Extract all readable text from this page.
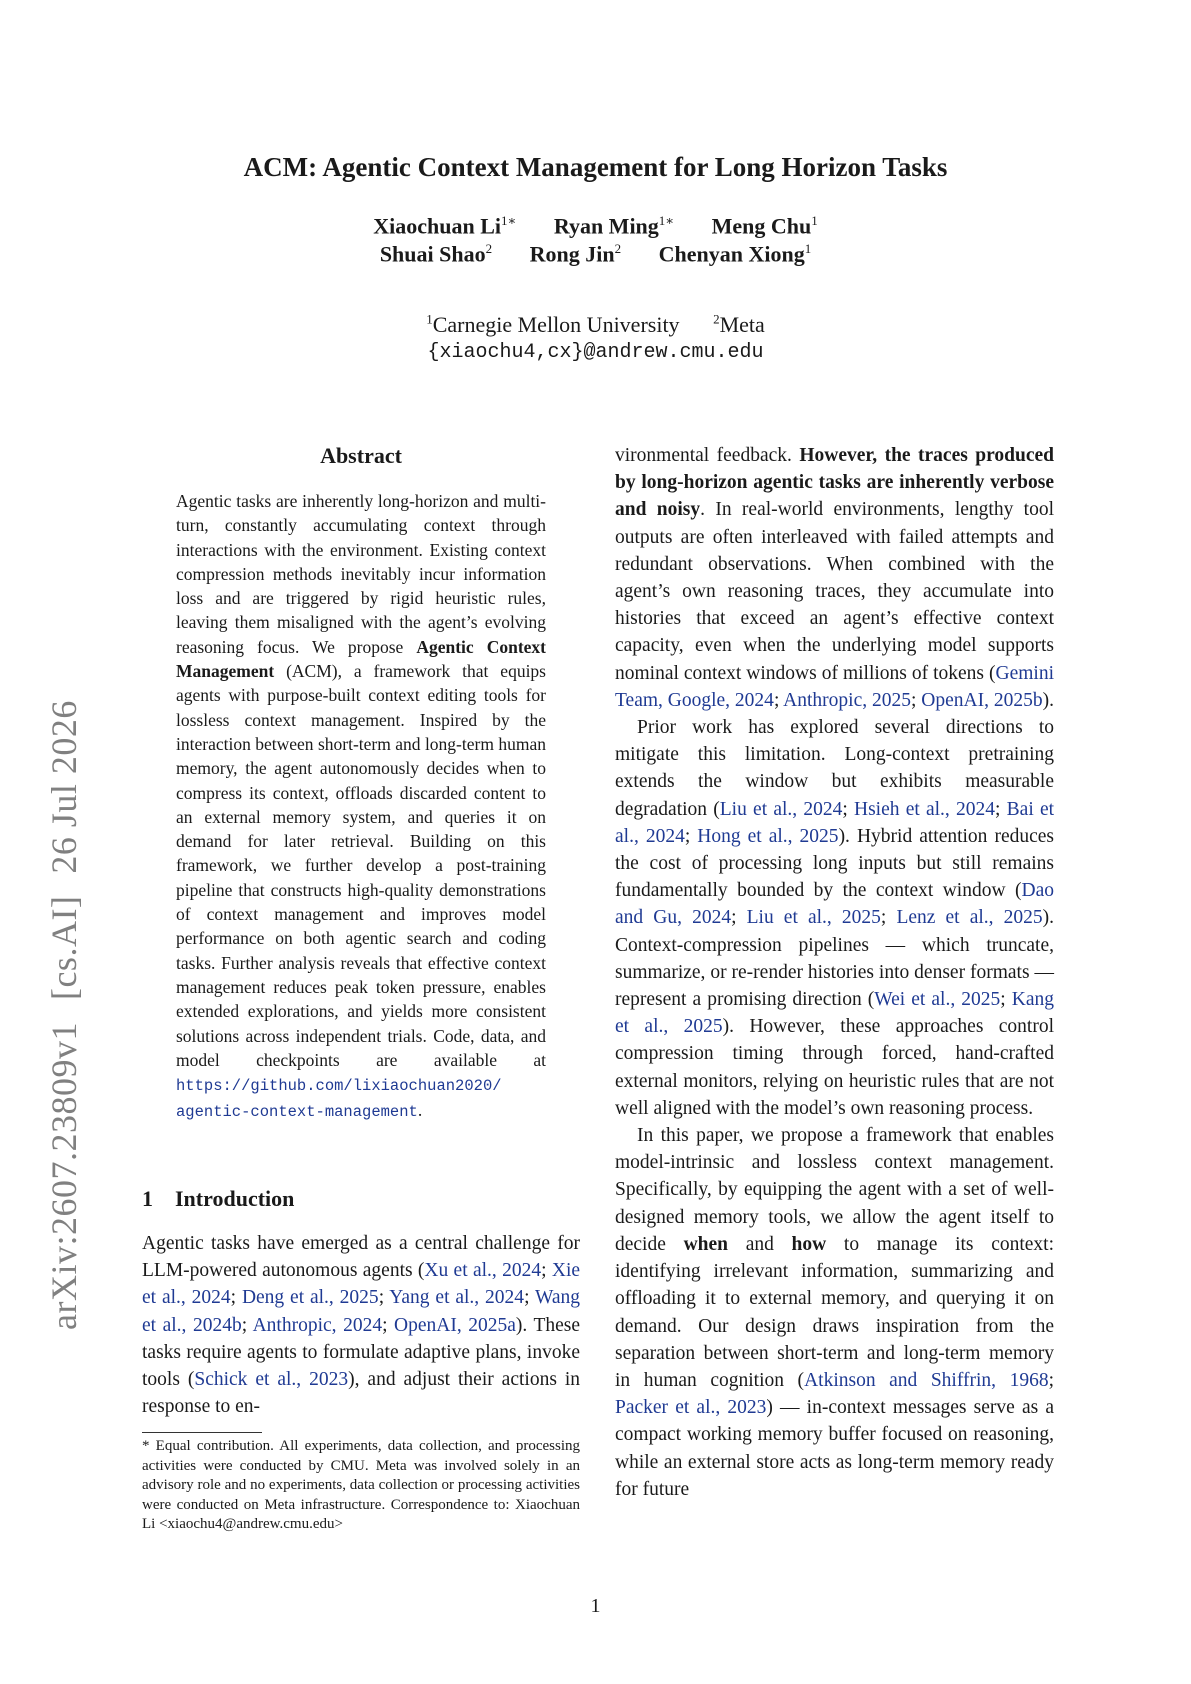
arXiv:2607.23809v1[cs.AI]26 Jul 2026
ACM: Agentic Context Management for Long Horizon Tasks
Xiaochuan $Li^{1∗}$ Ryan Ming$^{1∗}$ Meng Chu$^1$
Shuai Shao$^2$ Rong Jin$^2$ Chenyan Xiong$^1$
$^1$Carnegie Mellon University	$^2$Meta
{xiaochu4,cx}@andrew.cmu.edu
Abstract
Agentic tasks are inherently long-horizon and multi-turn, constantly accumulating context through interactions with the environment. Existing context compression methods inevitably incur information loss and are triggered by rigid heuristic rules, leaving them misaligned with the agent’s evolving reasoning focus. We propose Agentic Context Management (ACM), a framework that equips agents with purpose-built context editing tools for lossless context management. Inspired by the interaction between short-term and long-term human memory, the agent autonomously decides when to compress its context, offloads discarded content to an external memory system, and queries it on demand for later retrieval. Building on this framework, we further develop a post-training pipeline that constructs high-quality demonstrations of context management and improves model performance on both agentic search and coding tasks. Further analysis reveals that effective context management reduces peak token pressure, enables extended explorations, and yields more consistent solutions across independent trials. Code, data, and model checkpoints are available at https://github.com/lixiaochuan2020/
agentic-context-management.
1 Introduction
Agentic tasks have emerged as a central challenge for LLM-powered autonomous agents (Xu et al., 2024; Xie et al., 2024; Deng et al., 2025; Yang et al., 2024; Wang et al., 2024b; Anthropic, 2024; OpenAI, 2025a). These tasks require agents to formulate adaptive plans, invoke tools (Schick et al., 2023), and adjust their actions in response to en-
* Equal contribution. All experiments, data collection, and processing activities were conducted by CMU. Meta was involved solely in an advisory role and no experiments, data collection or processing activities were conducted on Meta infrastructure. Correspondence to: Xiaochuan Li <xiaochu4@andrew.cmu.edu>

vironmental feedback. However, the traces produced by long-horizon agentic tasks are inherently verbose and noisy. In real-world environments, lengthy tool outputs are often interleaved with failed attempts and redundant observations. When combined with the agent’s own reasoning traces, they accumulate into histories that exceed an agent’s effective context capacity, even when the underlying model supports nominal context windows of millions of tokens (Gemini Team, Google, 2024; Anthropic, 2025; OpenAI, 2025b).

Prior work has explored several directions to mitigate this limitation. Long-context pretraining extends the window but exhibits measurable degradation (Liu et al., 2024; Hsieh et al., 2024; Bai et al., 2024; Hong et al., 2025). Hybrid attention reduces the cost of processing long inputs but still remains fundamentally bounded by the context window (Dao and Gu, 2024; Liu et al., 2025; Lenz et al., 2025). Context-compression pipelines — which truncate, summarize, or re-render histories into denser formats — represent a promising direction (Wei et al., 2025; Kang et al., 2025). However, these approaches control compression timing through forced, hand-crafted external monitors, relying on heuristic rules that are not well aligned with the model’s own reasoning process.

In this paper, we propose a framework that enables model-intrinsic and lossless context management. Specifically, by equipping the agent with a set of well-designed memory tools, we allow the agent itself to decide when and how to manage its context: identifying irrelevant information, summarizing and offloading it to external memory, and querying it on demand. Our design draws inspiration from the separation between short-term and long-term memory in human cognition (Atkinson and Shiffrin, 1968; Packer et al., 2023) — in-context messages serve as a compact working memory buffer focused on reasoning, while an external store acts as long-term memory ready for future

1
